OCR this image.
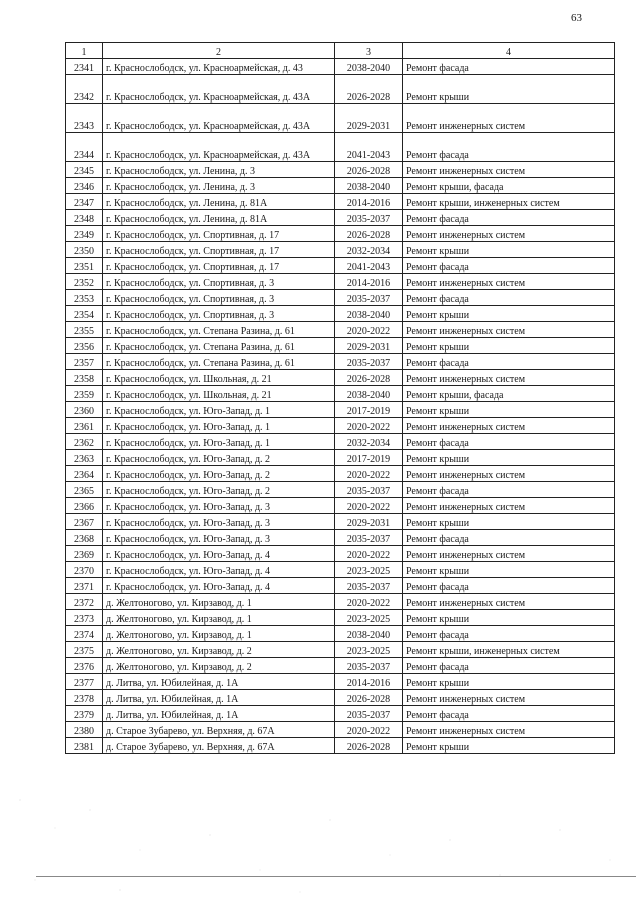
63
1	2	3	4
2341	г. Краснослободск, ул. Красноармейская, д. 43	2038-2040	Ремонт фасада
2342	г. Краснослободск, ул. Красноармейская, д. 43А	2026-2028	Ремонт крыши
2343	г. Краснослободск, ул. Красноармейская, д. 43А	2029-2031	Ремонт инженерных систем
2344	г. Краснослободск, ул. Красноармейская, д. 43А	2041-2043	Ремонт фасада
2345	г. Краснослободск, ул. Ленина, д. 3	2026-2028	Ремонт инженерных систем
2346	г. Краснослободск, ул. Ленина, д. 3	2038-2040	Ремонт крыши, фасада
2347	г. Краснослободск, ул. Ленина, д. 81А	2014-2016	Ремонт крыши, инженерных систем
2348	г. Краснослободск, ул. Ленина, д. 81А	2035-2037	Ремонт фасада
2349	г. Краснослободск, ул. Спортивная, д. 17	2026-2028	Ремонт инженерных систем
2350	г. Краснослободск, ул. Спортивная, д. 17	2032-2034	Ремонт крыши
2351	г. Краснослободск, ул. Спортивная, д. 17	2041-2043	Ремонт фасада
2352	г. Краснослободск, ул. Спортивная, д. 3	2014-2016	Ремонт инженерных систем
2353	г. Краснослободск, ул. Спортивная, д. 3	2035-2037	Ремонт фасада
2354	г. Краснослободск, ул. Спортивная, д. 3	2038-2040	Ремонт крыши
2355	г. Краснослободск, ул. Степана Разина, д. 61	2020-2022	Ремонт инженерных систем
2356	г. Краснослободск, ул. Степана Разина, д. 61	2029-2031	Ремонт крыши
2357	г. Краснослободск, ул. Степана Разина, д. 61	2035-2037	Ремонт фасада
2358	г. Краснослободск, ул. Школьная, д. 21	2026-2028	Ремонт инженерных систем
2359	г. Краснослободск, ул. Школьная, д. 21	2038-2040	Ремонт крыши, фасада
2360	г. Краснослободск, ул. Юго-Запад, д. 1	2017-2019	Ремонт крыши
2361	г. Краснослободск, ул. Юго-Запад, д. 1	2020-2022	Ремонт инженерных систем
2362	г. Краснослободск, ул. Юго-Запад, д. 1	2032-2034	Ремонт фасада
2363	г. Краснослободск, ул. Юго-Запад, д. 2	2017-2019	Ремонт крыши
2364	г. Краснослободск, ул. Юго-Запад, д. 2	2020-2022	Ремонт инженерных систем
2365	г. Краснослободск, ул. Юго-Запад, д. 2	2035-2037	Ремонт фасада
2366	г. Краснослободск, ул. Юго-Запад, д. 3	2020-2022	Ремонт инженерных систем
2367	г. Краснослободск, ул. Юго-Запад, д. 3	2029-2031	Ремонт крыши
2368	г. Краснослободск, ул. Юго-Запад, д. 3	2035-2037	Ремонт фасада
2369	г. Краснослободск, ул. Юго-Запад, д. 4	2020-2022	Ремонт инженерных систем
2370	г. Краснослободск, ул. Юго-Запад, д. 4	2023-2025	Ремонт крыши
2371	г. Краснослободск, ул. Юго-Запад, д. 4	2035-2037	Ремонт фасада
2372	д. Желтоногово, ул. Кирзавод, д. 1	2020-2022	Ремонт инженерных систем
2373	д. Желтоногово, ул. Кирзавод, д. 1	2023-2025	Ремонт крыши
2374	д. Желтоногово, ул. Кирзавод, д. 1	2038-2040	Ремонт фасада
2375	д. Желтоногово, ул. Кирзавод, д. 2	2023-2025	Ремонт крыши, инженерных систем
2376	д. Желтоногово, ул. Кирзавод, д. 2	2035-2037	Ремонт фасада
2377	д. Литва, ул. Юбилейная, д. 1А	2014-2016	Ремонт крыши
2378	д. Литва, ул. Юбилейная, д. 1А	2026-2028	Ремонт инженерных систем
2379	д. Литва, ул. Юбилейная, д. 1А	2035-2037	Ремонт фасада
2380	д. Старое Зубарево, ул. Верхняя, д. 67А	2020-2022	Ремонт инженерных систем
2381	д. Старое Зубарево, ул. Верхняя, д. 67А	2026-2028	Ремонт крыши
